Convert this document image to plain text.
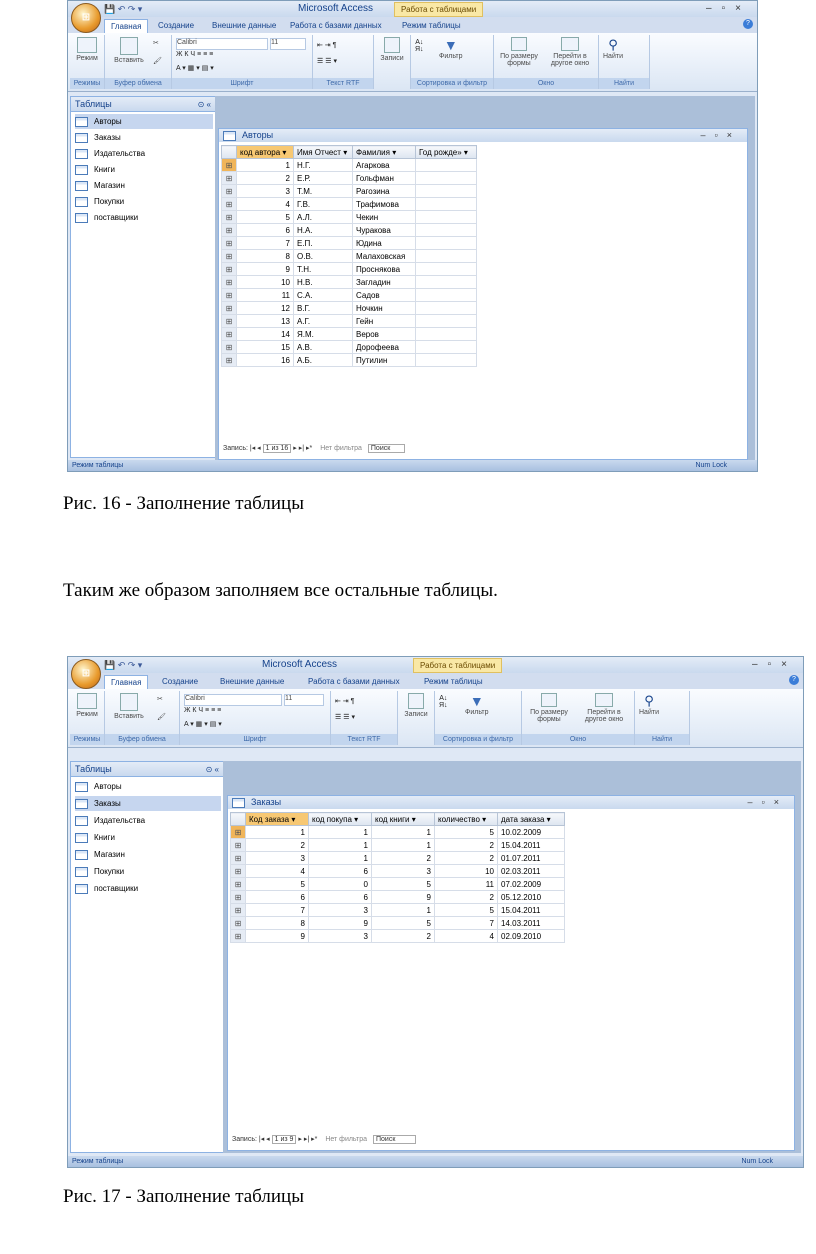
💾 ↶ ↷ ▾	Microsoft Access	Работа с таблицами	–▫×
⊞
Главная	Создание	Внешние данные	Работа с базами данных	Режим таблицы	?

Режим
Режимы

Вставить
✂
🖌
Буфер обмена
Calibri	11
Ж К Ч ≡ ≡ ≡
A ▾ ▦ ▾ ▤ ▾
Шрифт
⇤ ⇥ ¶
☰ ☰ ▾
Текст RTF

Записи
A↓
Я↓	▼
Фильтр
Сортировка и фильтр

По размеру формы

Перейти в другое окно
Окно
⚲
Найти
Найти
Таблицы	⊙ «
Авторы
Заказы
Издательства
Книги
Магазин
Покупки
поставщики
Авторы	–▫×
	код автора ▾	Имя Отчест ▾	Фамилия ▾	Год рожде» ▾
⊞	1	Н.Г.	Агаркова	
⊞	2	Е.Р.	Гольфман	
⊞	3	Т.М.	Рагозина	
⊞	4	Г.В.	Трафимова	
⊞	5	А.Л.	Чекин	
⊞	6	Н.А.	Чуракова	
⊞	7	Е.П.	Юдина	
⊞	8	О.В.	Малаховская	
⊞	9	Т.Н.	Проснякова	
⊞	10	Н.В.	Загладин	
⊞	11	С.А.	Садов	
⊞	12	В.Г.	Ночкин	
⊞	13	А.Г.	Гейн	
⊞	14	Я.М.	Веров	
⊞	15	А.В.	Дорофеева	
⊞	16	А.Б.	Путилин	
Запись: |◂ ◂ 1 из 16 ▸ ▸| ▸* Нет фильтра Поиск
Режим таблицы	Num Lock
Рис. 16 - Заполнение таблицы
Таким же образом заполняем все остальные таблицы.
💾 ↶ ↷ ▾	Microsoft Access	Работа с таблицами	–▫×
⊞
Главная	Создание	Внешние данные	Работа с базами данных	Режим таблицы	?

Режим
Режимы

Вставить
✂
🖌
Буфер обмена
Calibri	11
Ж К Ч ≡ ≡ ≡
A ▾ ▦ ▾ ▤ ▾
Шрифт
⇤ ⇥ ¶
☰ ☰ ▾
Текст RTF

Записи
A↓
Я↓	▼
Фильтр
Сортировка и фильтр

По размеру формы

Перейти в другое окно
Окно
⚲
Найти
Найти
Таблицы	⊙ «
Авторы
Заказы
Издательства
Книги
Магазин
Покупки
поставщики
Заказы	–▫×
	Код заказа ▾	код покупа ▾	код книги ▾	количество ▾	дата заказа ▾
⊞	1	1	1	5	10.02.2009
⊞	2	1	1	2	15.04.2011
⊞	3	1	2	2	01.07.2011
⊞	4	6	3	10	02.03.2011
⊞	5	0	5	11	07.02.2009
⊞	6	6	9	2	05.12.2010
⊞	7	3	1	5	15.04.2011
⊞	8	9	5	7	14.03.2011
⊞	9	3	2	4	02.09.2010
Запись: |◂ ◂ 1 из 9 ▸ ▸| ▸* Нет фильтра Поиск
Режим таблицы	Num Lock
Рис. 17 - Заполнение таблицы
